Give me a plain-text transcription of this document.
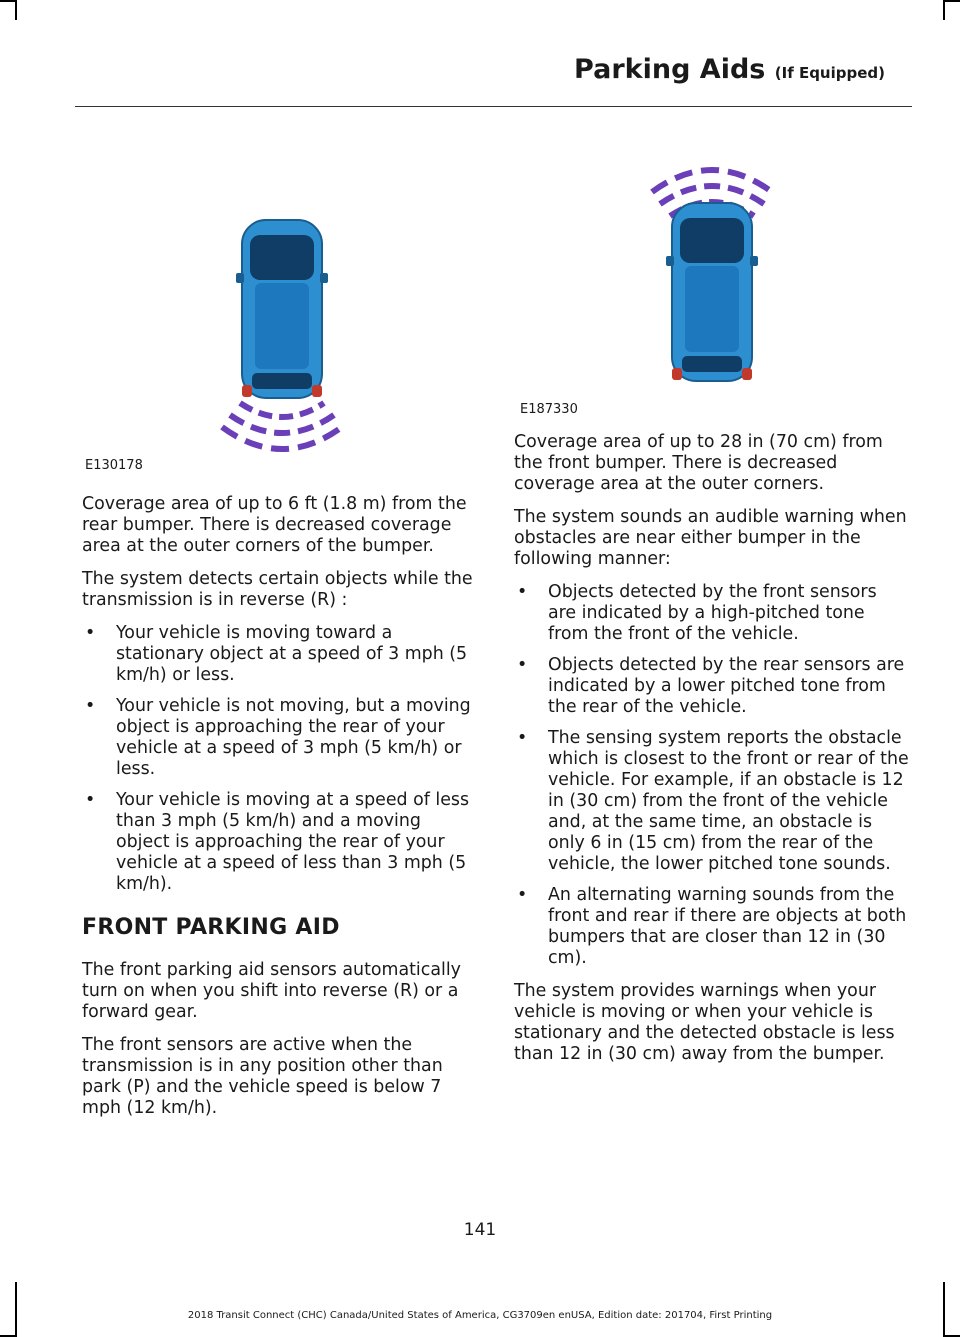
Parking Aids (If Equipped)
E130178
E187330

Coverage area of up to 6 ft (1.8 m) from the rear bumper. There is decreased coverage area at the outer corners of the bumper.

The system detects certain objects while the transmission is in reverse (R) :

• Your vehicle is moving toward a stationary object at a speed of 3 mph (5 km/h) or less.
• Your vehicle is not moving, but a moving object is approaching the rear of your vehicle at a speed of 3 mph (5 km/h) or less.
• Your vehicle is moving at a speed of less than 3 mph (5 km/h) and a moving object is approaching the rear of your vehicle at a speed of less than 3 mph (5 km/h).
FRONT PARKING AID

The front parking aid sensors automatically turn on when you shift into reverse (R) or a forward gear.

The front sensors are active when the transmission is in any position other than park (P) and the vehicle speed is below 7 mph (12 km/h).

Coverage area of up to 28 in (70 cm) from the front bumper. There is decreased coverage area at the outer corners.

The system sounds an audible warning when obstacles are near either bumper in the following manner:

• Objects detected by the front sensors are indicated by a high-pitched tone from the front of the vehicle.
• Objects detected by the rear sensors are indicated by a lower pitched tone from the rear of the vehicle.
• The sensing system reports the obstacle which is closest to the front or rear of the vehicle. For example, if an obstacle is 12 in (30 cm) from the front of the vehicle and, at the same time, an obstacle is only 6 in (15 cm) from the rear of the vehicle, the lower pitched tone sounds.
• An alternating warning sounds from the front and rear if there are objects at both bumpers that are closer than 12 in (30 cm).

The system provides warnings when your vehicle is moving or when your vehicle is stationary and the detected obstacle is less than 12 in (30 cm) away from the bumper.

141
2018 Transit Connect (CHC) Canada/United States of America, CG3709en enUSA, Edition date: 201704, First Printing
